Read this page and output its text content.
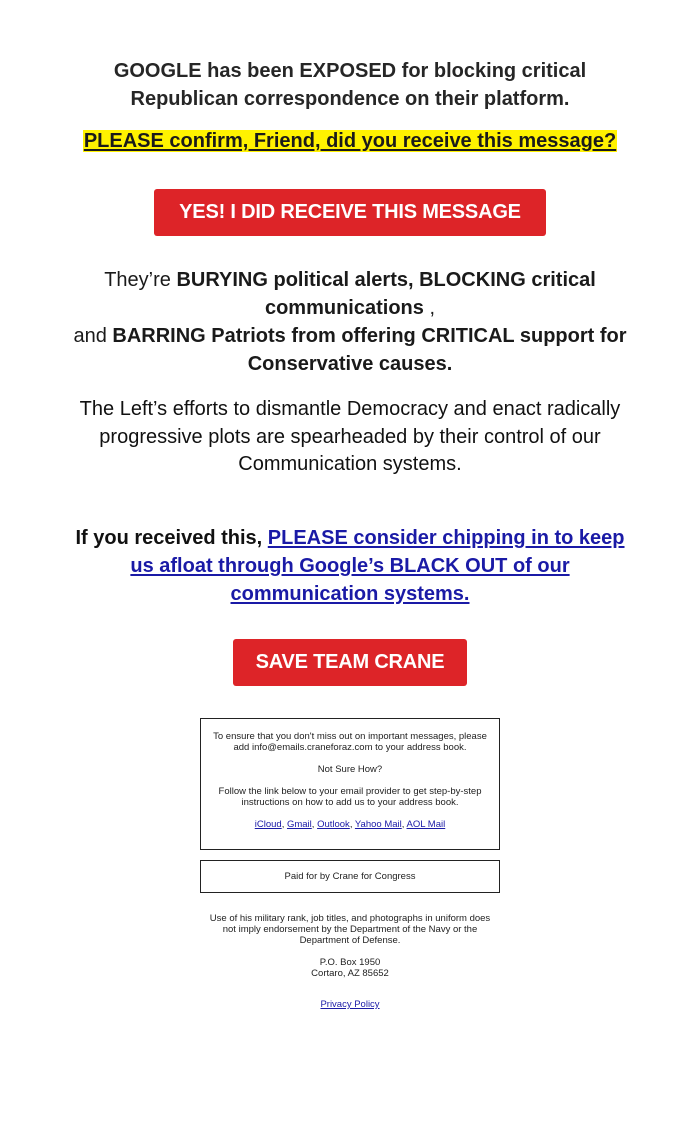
GOOGLE has been EXPOSED for blocking critical Republican correspondence on their platform.
PLEASE confirm, Friend, did you receive this message?
YES! I DID RECEIVE THIS MESSAGE
They’re BURYING political alerts, BLOCKING critical communications ,
and BARRING Patriots from offering CRITICAL support for Conservative causes.
The Left’s efforts to dismantle Democracy and enact radically progressive plots are spearheaded by their control of our Communication systems.
If you received this, PLEASE consider chipping in to keep us afloat through Google’s BLACK OUT of our communication systems.
SAVE TEAM CRANE

To ensure that you don't miss out on important messages, please add info@emails.craneforaz.com to your address book.

Not Sure How?

Follow the link below to your email provider to get step-by-step instructions on how to add us to your address book.

iCloud, Gmail, Outlook, Yahoo Mail, AOL Mail

Paid for by Crane for Congress
Use of his military rank, job titles, and photographs in uniform does not imply endorsement by the Department of the Navy or the Department of Defense.
P.O. Box 1950
Cortaro, AZ 85652
Privacy Policy
